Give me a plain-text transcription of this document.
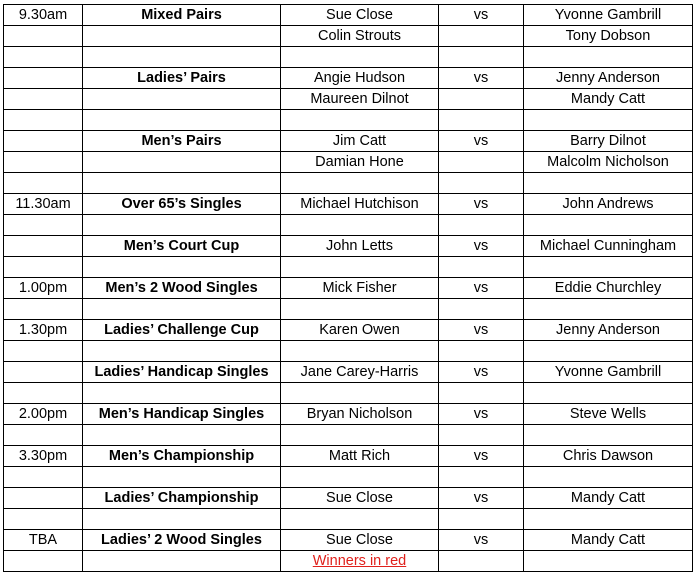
9.30am	Mixed Pairs	Sue Close	vs	Yvonne Gambrill
		Colin Strouts		Tony Dobson

	Ladies’ Pairs	Angie Hudson	vs	Jenny Anderson
		Maureen Dilnot		Mandy Catt

	Men’s Pairs	Jim Catt	vs	Barry Dilnot
		Damian Hone		Malcolm Nicholson

11.30am	Over 65’s Singles	Michael Hutchison	vs	John Andrews

	Men’s Court Cup	John Letts	vs	Michael Cunningham

1.00pm	Men’s 2 Wood Singles	Mick Fisher	vs	Eddie Churchley

1.30pm	Ladies’ Challenge Cup	Karen Owen	vs	Jenny Anderson

	Ladies’ Handicap Singles	Jane Carey-Harris	vs	Yvonne Gambrill

2.00pm	Men’s Handicap Singles	Bryan Nicholson	vs	Steve Wells

3.30pm	Men’s Championship	Matt Rich	vs	Chris Dawson

	Ladies’ Championship	Sue Close	vs	Mandy Catt

TBA	Ladies’ 2 Wood Singles	Sue Close	vs	Mandy Catt
		Winners in red		
